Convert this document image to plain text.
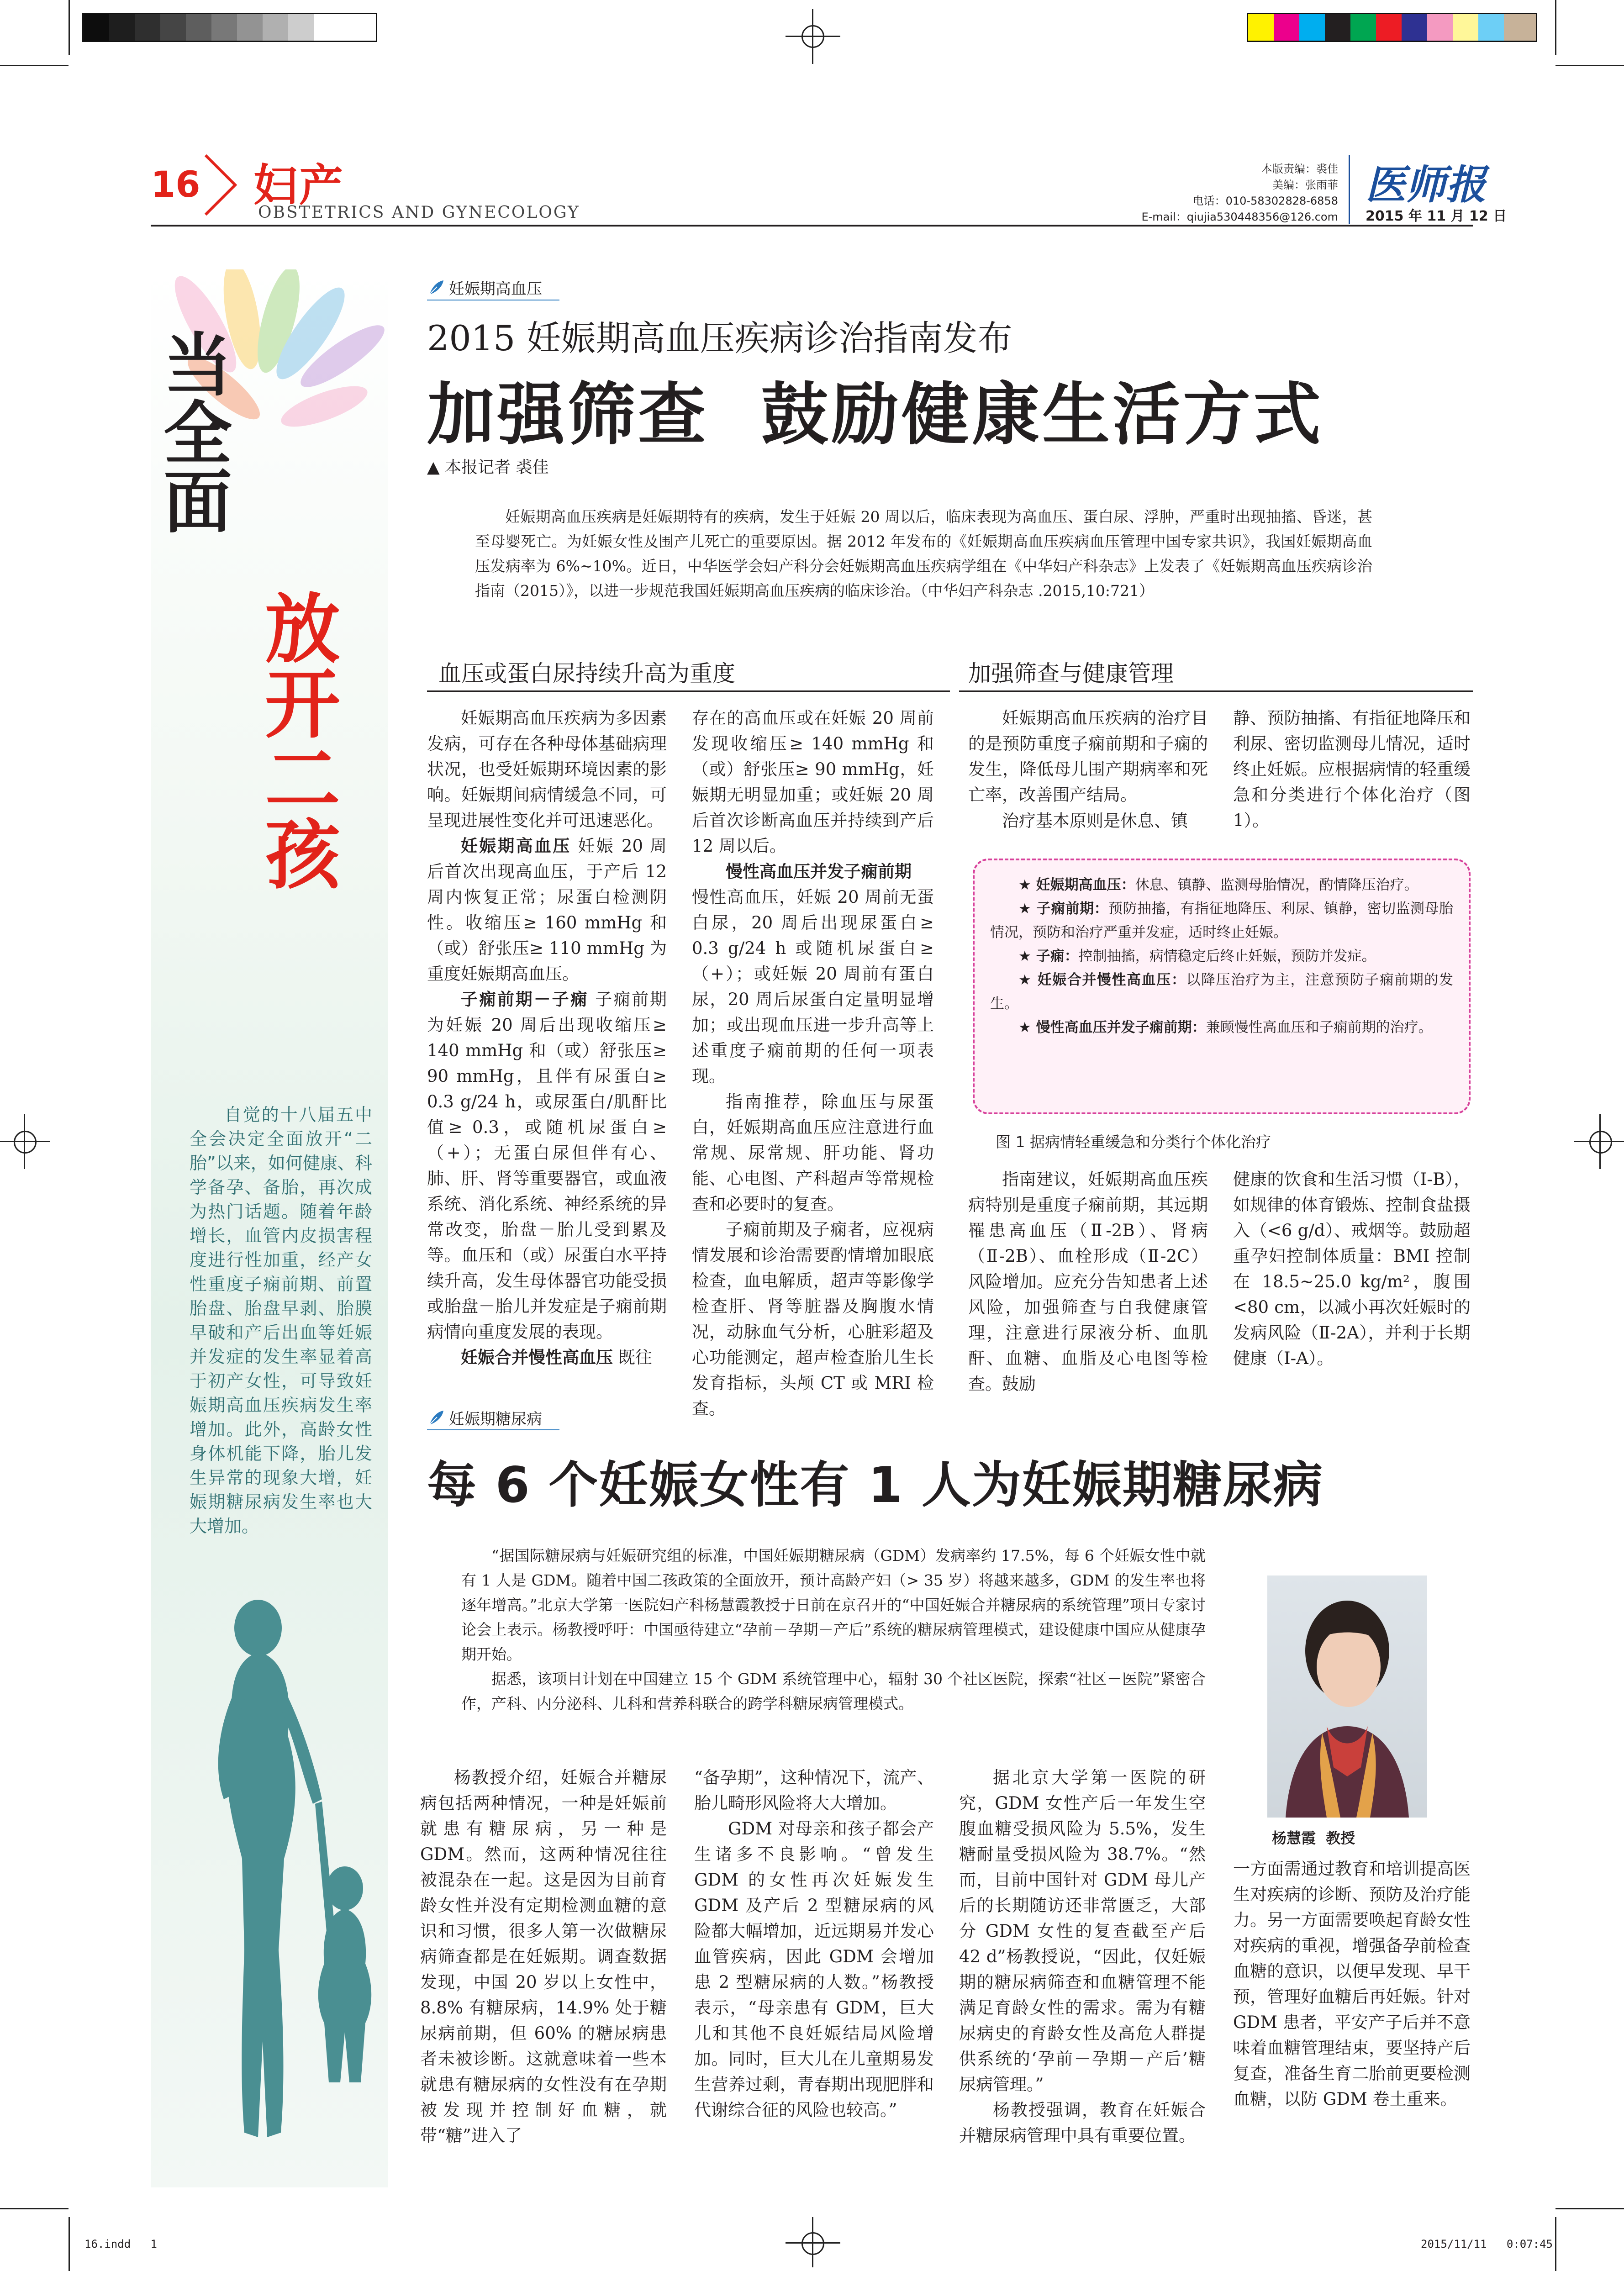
16 妇产
OBSTETRICS AND GYNECOLOGY
本版责编：裘佳
美编：张雨菲
电话：010-58302828-6858
E-mail：qiujia530448356@126.com
医师报
2015 年 11 月 12 日
当全面
放开二孩

自觉的十八届五中全会决定全面放开“二胎”以来，如何健康、科学备孕、备胎，再次成为热门话题。随着年龄增长，血管内皮损害程度进行性加重，经产女性重度子痫前期、前置胎盘、胎盘早剥、胎膜早破和产后出血等妊娠并发症的发生率显着高于初产女性，可导致妊娠期高血压疾病发生率增加。此外，高龄女性身体机能下降，胎儿发生异常的现象大增，妊娠期糖尿病发生率也大大增加。

妊娠期高血压
2015 妊娠期高血压疾病诊治指南发布
加强筛查  鼓励健康生活方式
▲ 本报记者 裘佳

妊娠期高血压疾病是妊娠期特有的疾病，发生于妊娠 20 周以后，临床表现为高血压、蛋白尿、浮肿，严重时出现抽搐、昏迷，甚至母婴死亡。为妊娠女性及围产儿死亡的重要原因。据 2012 年发布的《妊娠期高血压疾病血压管理中国专家共识》，我国妊娠期高血压发病率为 6%~10%。近日，中华医学会妇产科分会妊娠期高血压疾病学组在《中华妇产科杂志》上发表了《妊娠期高血压疾病诊治指南（2015）》，以进一步规范我国妊娠期高血压疾病的临床诊治。（中华妇产科杂志 .2015,10:721）

血压或蛋白尿持续升高为重度	加强筛查与健康管理

妊娠期高血压疾病为多因素发病，可存在各种母体基础病理状况，也受妊娠期环境因素的影响。妊娠期间病情缓急不同，可呈现进展性变化并可迅速恶化。

妊娠期高血压 妊娠 20 周后首次出现高血压，于产后 12 周内恢复正常；尿蛋白检测阴性。收缩压≥ 160 mmHg 和（或）舒张压≥ 110 mmHg 为重度妊娠期高血压。

子痫前期－子痫 子痫前期为妊娠 20 周后出现收缩压≥ 140 mmHg 和（或）舒张压≥ 90 mmHg，且伴有尿蛋白≥ 0.3 g/24 h，或尿蛋白/肌酐比值≥ 0.3，或随机尿蛋白≥（+）；无蛋白尿但伴有心、肺、肝、肾等重要器官，或血液系统、消化系统、神经系统的异常改变，胎盘－胎儿受到累及等。血压和（或）尿蛋白水平持续升高，发生母体器官功能受损或胎盘－胎儿并发症是子痫前期病情向重度发展的表现。

妊娠合并慢性高血压 既往

存在的高血压或在妊娠 20 周前发现收缩压≥ 140 mmHg 和（或）舒张压≥ 90 mmHg，妊娠期无明显加重；或妊娠 20 周后首次诊断高血压并持续到产后 12 周以后。

慢性高血压并发子痫前期

慢性高血压，妊娠 20 周前无蛋白尿，20 周后出现尿蛋白≥ 0.3 g/24 h 或随机尿蛋白≥（+）；或妊娠 20 周前有蛋白尿，20 周后尿蛋白定量明显增加；或出现血压进一步升高等上述重度子痫前期的任何一项表现。

指南推荐，除血压与尿蛋白，妊娠期高血压应注意进行血常规、尿常规、肝功能、肾功能、心电图、产科超声等常规检查和必要时的复查。

子痫前期及子痫者，应视病情发展和诊治需要酌情增加眼底检查，血电解质，超声等影像学检查肝、肾等脏器及胸腹水情况，动脉血气分析，心脏彩超及心功能测定，超声检查胎儿生长发育指标，头颅 CT 或 MRI 检查。

妊娠期高血压疾病的治疗目的是预防重度子痫前期和子痫的发生，降低母儿围产期病率和死亡率，改善围产结局。

治疗基本原则是休息、镇

静、预防抽搐、有指征地降压和利尿、密切监测母儿情况，适时终止妊娠。应根据病情的轻重缓急和分类进行个体化治疗（图 1）。

★ 妊娠期高血压：休息、镇静、监测母胎情况，酌情降压治疗。

★ 子痫前期：预防抽搐，有指征地降压、利尿、镇静，密切监测母胎情况，预防和治疗严重并发症，适时终止妊娠。

★ 子痫：控制抽搐，病情稳定后终止妊娠，预防并发症。

★ 妊娠合并慢性高血压：以降压治疗为主，注意预防子痫前期的发生。

★ 慢性高血压并发子痫前期：兼顾慢性高血压和子痫前期的治疗。

图 1 据病情轻重缓急和分类行个体化治疗

指南建议，妊娠期高血压疾病特别是重度子痫前期，其远期罹患高血压（Ⅱ-2B）、肾病（Ⅱ-2B）、血栓形成（Ⅱ-2C）风险增加。应充分告知患者上述风险，加强筛查与自我健康管理，注意进行尿液分析、血肌酐、血糖、血脂及心电图等检查。鼓励

健康的饮食和生活习惯（Ⅰ-B），如规律的体育锻炼、控制食盐摄入（<6 g/d）、戒烟等。鼓励超重孕妇控制体质量：BMI 控制在 18.5~25.0 kg/m²，腹围 <80 cm，以减小再次妊娠时的发病风险（Ⅱ-2A），并利于长期健康（Ⅰ-A）。

妊娠期糖尿病
每 6 个妊娠女性有 1 人为妊娠期糖尿病

“据国际糖尿病与妊娠研究组的标准，中国妊娠期糖尿病（GDM）发病率约 17.5%，每 6 个妊娠女性中就有 1 人是 GDM。随着中国二孩政策的全面放开，预计高龄产妇（> 35 岁）将越来越多，GDM 的发生率也将逐年增高。”北京大学第一医院妇产科杨慧霞教授于日前在京召开的“中国妊娠合并糖尿病的系统管理”项目专家讨论会上表示。杨教授呼吁：中国亟待建立“孕前－孕期－产后”系统的糖尿病管理模式，建设健康中国应从健康孕期开始。

据悉，该项目计划在中国建立 15 个 GDM 系统管理中心，辐射 30 个社区医院，探索“社区－医院”紧密合作，产科、内分泌科、儿科和营养科联合的跨学科糖尿病管理模式。

杨慧霞  教授

杨教授介绍，妊娠合并糖尿病包括两种情况，一种是妊娠前就患有糖尿病，另一种是 GDM。然而，这两种情况往往被混杂在一起。这是因为目前育龄女性并没有定期检测血糖的意识和习惯，很多人第一次做糖尿病筛查都是在妊娠期。调查数据发现，中国 20 岁以上女性中，8.8% 有糖尿病，14.9% 处于糖尿病前期，但 60% 的糖尿病患者未被诊断。这就意味着一些本就患有糖尿病的女性没有在孕期被发现并控制好血糖，就带“糖”进入了

“备孕期”，这种情况下，流产、胎儿畸形风险将大大增加。

GDM 对母亲和孩子都会产生诸多不良影响。“曾发生 GDM 的女性再次妊娠发生 GDM 及产后 2 型糖尿病的风险都大幅增加，近远期易并发心血管疾病，因此 GDM 会增加患 2 型糖尿病的人数。”杨教授表示，“母亲患有 GDM，巨大儿和其他不良妊娠结局风险增加。同时，巨大儿在儿童期易发生营养过剩，青春期出现肥胖和代谢综合征的风险也较高。”

据北京大学第一医院的研究，GDM 女性产后一年发生空腹血糖受损风险为 5.5%，发生糖耐量受损风险为 38.7%。“然而，目前中国针对 GDM 母儿产后的长期随访还非常匮乏，大部分 GDM 女性的复查截至产后 42 d”杨教授说，“因此，仅妊娠期的糖尿病筛查和血糖管理不能满足育龄女性的需求。需为有糖尿病史的育龄女性及高危人群提供系统的‘孕前－孕期－产后’糖尿病管理。”

杨教授强调，教育在妊娠合并糖尿病管理中具有重要位置。

一方面需通过教育和培训提高医生对疾病的诊断、预防及治疗能力。另一方面需要唤起育龄女性对疾病的重视，增强备孕前检查血糖的意识，以便早发现、早干预，管理好血糖后再妊娠。针对 GDM 患者，平安产子后并不意味着血糖管理结束，要坚持产后复查，准备生育二胎前更要检测血糖，以防 GDM 卷土重来。

16.indd   1	2015/11/11   0:07:45
